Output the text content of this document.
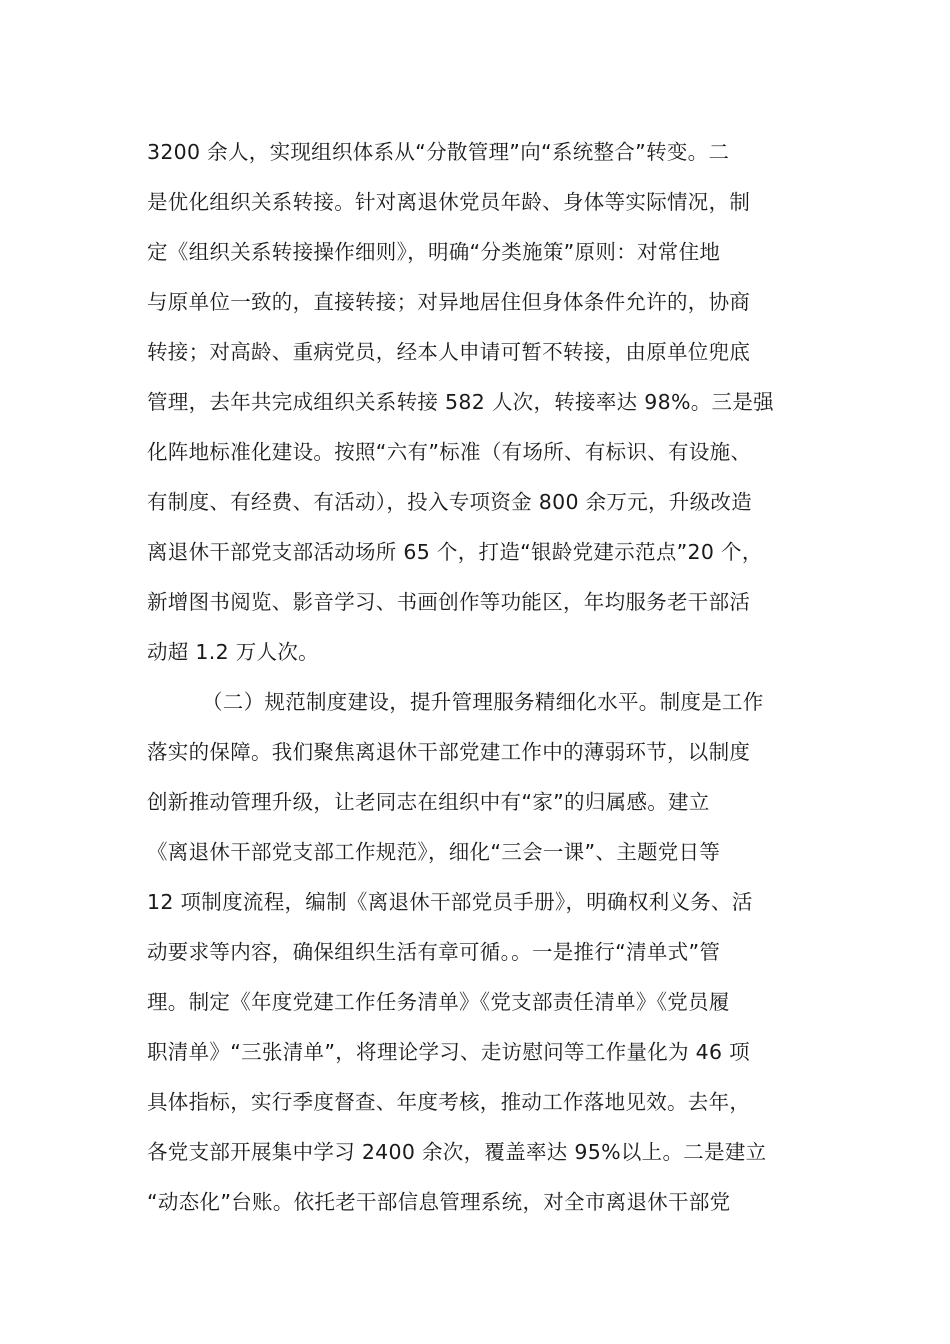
3200 余人，实现组织体系从“分散管理”向“系统整合”转变。二
是优化组织关系转接。针对离退休党员年龄、身体等实际情况，制
定《组织关系转接操作细则》，明确“分类施策”原则：对常住地
与原单位一致的，直接转接；对异地居住但身体条件允许的，协商
转接；对高龄、重病党员，经本人申请可暂不转接，由原单位兜底
管理，去年共完成组织关系转接 582 人次，转接率达 98%。三是强
化阵地标准化建设。按照“六有”标准（有场所、有标识、有设施、
有制度、有经费、有活动），投入专项资金 800 余万元，升级改造
离退休干部党支部活动场所 65 个，打造“银龄党建示范点”20 个，
新增图书阅览、影音学习、书画创作等功能区，年均服务老干部活
动超 1.2 万人次。
（二）规范制度建设，提升管理服务精细化水平。制度是工作
落实的保障。我们聚焦离退休干部党建工作中的薄弱环节，以制度
创新推动管理升级，让老同志在组织中有“家”的归属感。建立
《离退休干部党支部工作规范》，细化“三会一课”、主题党日等
12 项制度流程，编制《离退休干部党员手册》，明确权利义务、活
动要求等内容，确保组织生活有章可循。。一是推行“清单式”管
理。制定《年度党建工作任务清单》《党支部责任清单》《党员履
职清单》“三张清单”，将理论学习、走访慰问等工作量化为 46 项
具体指标，实行季度督查、年度考核，推动工作落地见效。去年，
各党支部开展集中学习 2400 余次，覆盖率达 95%以上。二是建立
“动态化”台账。依托老干部信息管理系统，对全市离退休干部党
